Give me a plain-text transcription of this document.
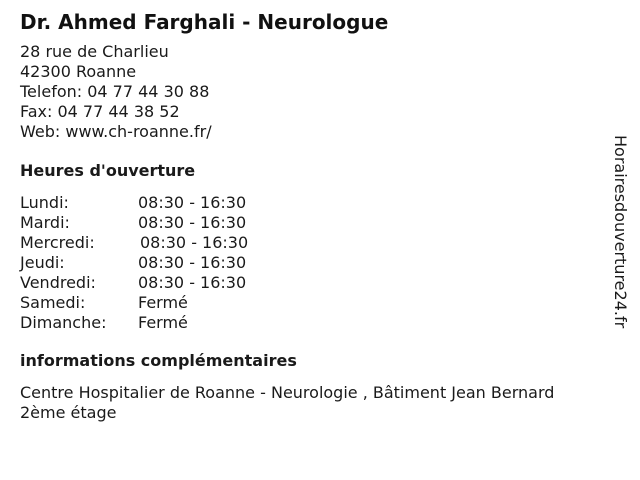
Dr. Ahmed Farghali - Neurologue
28 rue de Charlieu
42300 Roanne
Telefon: 04 77 44 30 88
Fax: 04 77 44 38 52
Web: www.ch-roanne.fr/
Heures d'ouverture
Lundi:	08:30 - 16:30
Mardi:	08:30 - 16:30
Mercredi:	08:30 - 16:30
Jeudi:	08:30 - 16:30
Vendredi:	08:30 - 16:30
Samedi:	Fermé
Dimanche:	Fermé
informations complémentaires
Centre Hospitalier de Roanne - Neurologie , Bâtiment Jean Bernard
2ème étage
Horairesdouverture24.fr
